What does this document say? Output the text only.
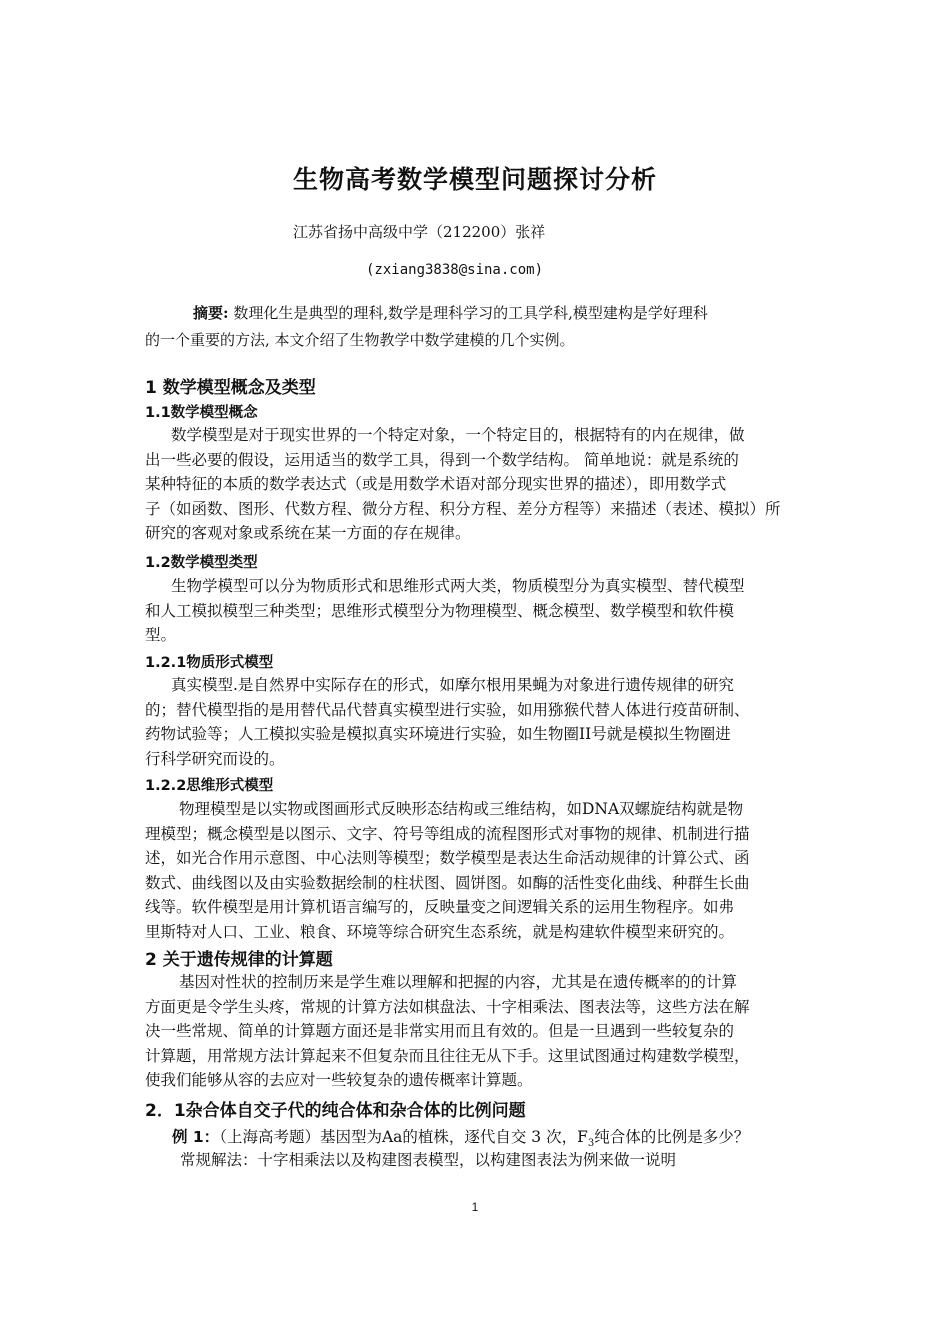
生物高考数学模型问题探讨分析
江苏省扬中高级中学（212200）张祥
(zxiang3838@sina.com)
摘要: 数理化生是典型的理科,数学是理科学习的工具学科,模型建构是学好理科
的一个重要的方法, 本文介绍了生物教学中数学建模的几个实例。
1 数学模型概念及类型
1.1数学模型概念
数学模型是对于现实世界的一个特定对象，一个特定目的，根据特有的内在规律，做
出一些必要的假设，运用适当的数学工具，得到一个数学结构。 简单地说：就是系统的
某种特征的本质的数学表达式（或是用数学术语对部分现实世界的描述），即用数学式
子（如函数、图形、代数方程、微分方程、积分方程、差分方程等）来描述（表述、模拟）所
研究的客观对象或系统在某一方面的存在规律。
1.2数学模型类型
生物学模型可以分为物质形式和思维形式两大类，物质模型分为真实模型、替代模型
和人工模拟模型三种类型；思维形式模型分为物理模型、概念模型、数学模型和软件模
型。
1.2.1物质形式模型
真实模型.是自然界中实际存在的形式，如摩尔根用果蝇为对象进行遗传规律的研究
的；替代模型指的是用替代品代替真实模型进行实验，如用猕猴代替人体进行疫苗研制、
药物试验等；人工模拟实验是模拟真实环境进行实验，如生物圈II号就是模拟生物圈进
行科学研究而设的。
1.2.2思维形式模型
物理模型是以实物或图画形式反映形态结构或三维结构，如DNA双螺旋结构就是物
理模型；概念模型是以图示、文字、符号等组成的流程图形式对事物的规律、机制进行描
述，如光合作用示意图、中心法则等模型；数学模型是表达生命活动规律的计算公式、函
数式、曲线图以及由实验数据绘制的柱状图、圆饼图。如酶的活性变化曲线、种群生长曲
线等。软件模型是用计算机语言编写的，反映量变之间逻辑关系的运用生物程序。如弗
里斯特对人口、工业、粮食、环境等综合研究生态系统，就是构建软件模型来研究的。
2 关于遗传规律的计算题
基因对性状的控制历来是学生难以理解和把握的内容，尤其是在遗传概率的的计算
方面更是令学生头疼，常规的计算方法如棋盘法、十字相乘法、图表法等，这些方法在解
决一些常规、简单的计算题方面还是非常实用而且有效的。但是一旦遇到一些较复杂的
计算题，用常规方法计算起来不但复杂而且往往无从下手。这里试图通过构建数学模型，
使我们能够从容的去应对一些较复杂的遗传概率计算题。
2．1杂合体自交子代的纯合体和杂合体的比例问题
例 1：（上海高考题）基因型为Aa的植株，逐代自交 3 次，$F_3$纯合体的比例是多少？
常规解法：十字相乘法以及构建图表模型，以构建图表法为例来做一说明
1
